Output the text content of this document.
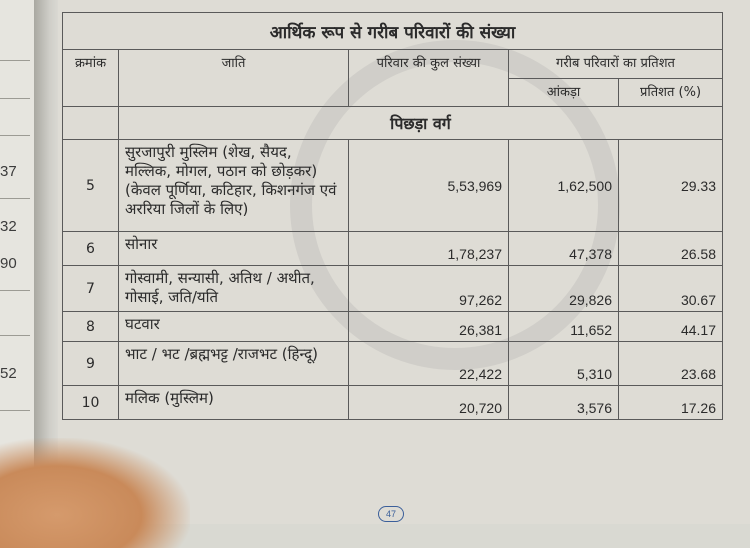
37
32
90
52
आर्थिक रूप से गरीब परिवारों की संख्या				
क्रमांक	जाति	परिवार की कुल संख्या	गरीब परिवारों का प्रतिशत	
			आंकड़ा	प्रतिशत (%)
	पिछड़ा वर्ग			
5	सुरजापुरी मुस्लिम (शेख, सैयद, मल्लिक, मोगल, पठान को छोड़कर) (केवल पूर्णिया, कटिहार, किशनगंज एवं अररिया जिलों के लिए)	5,53,969	1,62,500	29.33
6	सोनार	1,78,237	47,378	26.58
7	गोस्वामी, सन्यासी, अतिथ / अथीत, गोसाई, जति/यति	97,262	29,826	30.67
8	घटवार	26,381	11,652	44.17
9	भाट / भट /ब्रह्मभट्ट /राजभट (हिन्दू)	22,422	5,310	23.68
10	मलिक (मुस्लिम)	20,720	3,576	17.26
47
